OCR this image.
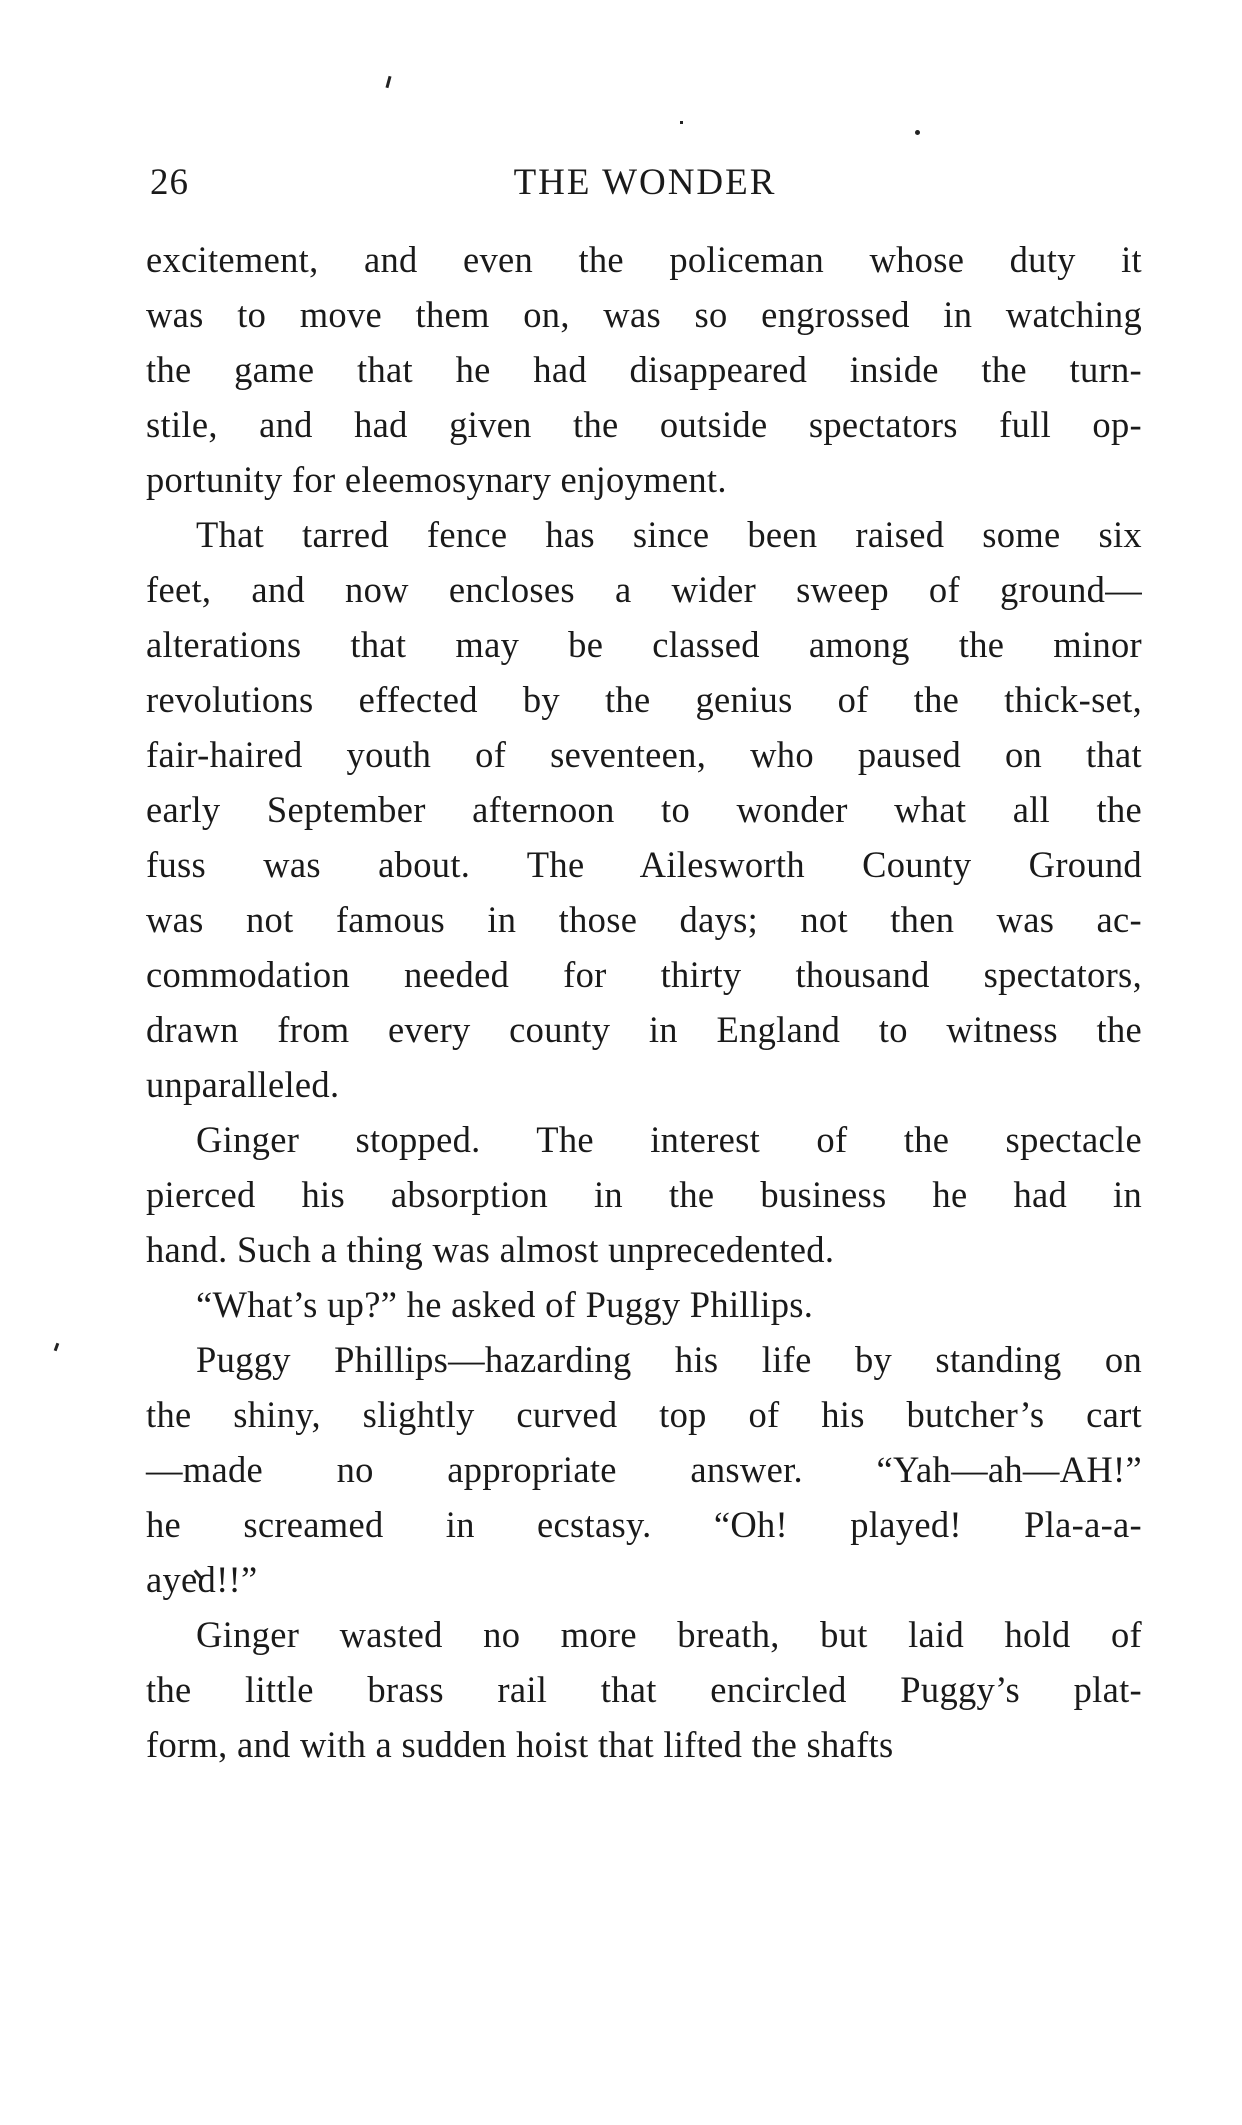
26	THE WONDER
excitement, and even the policeman whose duty it
was to move them on, was so engrossed in watching
the game that he had disappeared inside the turn-
stile, and had given the outside spectators full op-
portunity for eleemosynary enjoyment.
That tarred fence has since been raised some six
feet, and now encloses a wider sweep of ground—
alterations that may be classed among the minor
revolutions effected by the genius of the thick-set,
fair-haired youth of seventeen, who paused on that
early September afternoon to wonder what all the
fuss was about. The Ailesworth County Ground
was not famous in those days; not then was ac-
commodation needed for thirty thousand spectators,
drawn from every county in England to witness the
unparalleled.
Ginger stopped. The interest of the spectacle
pierced his absorption in the business he had in
hand. Such a thing was almost unprecedented.
“What’s up?” he asked of Puggy Phillips.
Puggy Phillips—hazarding his life by standing on
the shiny, slightly curved top of his butcher’s cart
—made no appropriate answer. “Yah—ah—AH!”
he screamed in ecstasy. “Oh! played! Pla-a-a-
ayed!!”
Ginger wasted no more breath, but laid hold of
the little brass rail that encircled Puggy’s plat-
form, and with a sudden hoist that lifted the shafts
